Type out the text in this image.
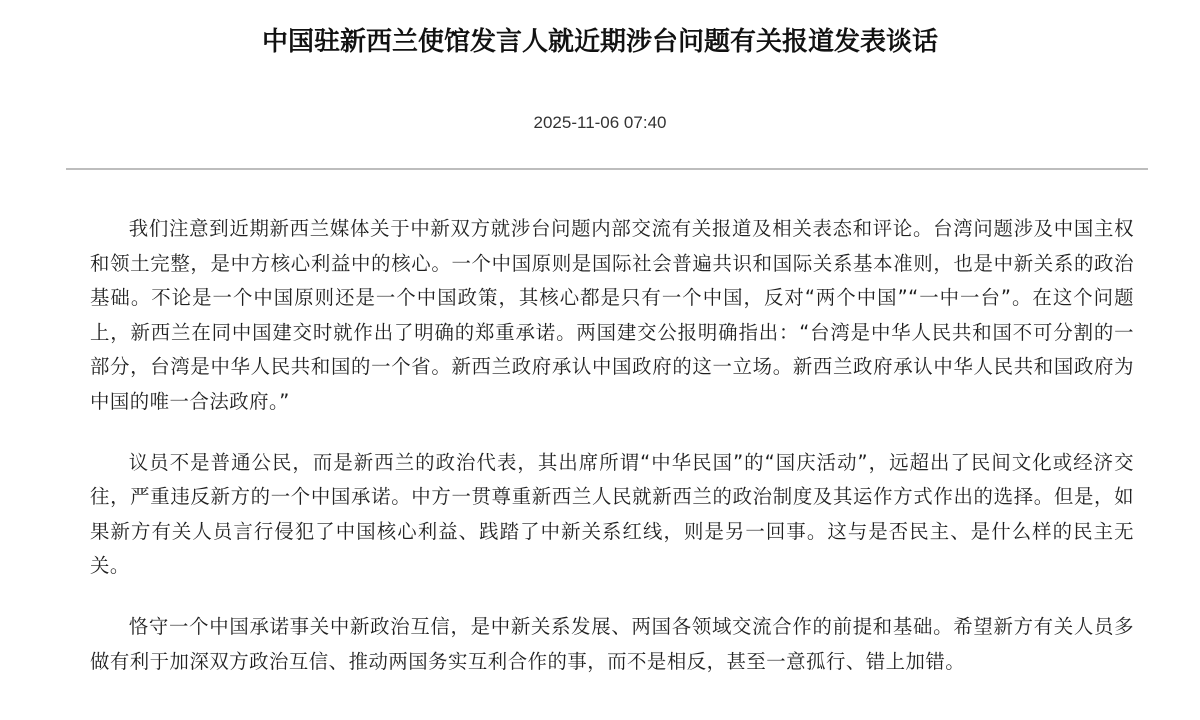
中国驻新西兰使馆发言人就近期涉台问题有关报道发表谈话
2025-11-06 07:40

我们注意到近期新西兰媒体关于中新双方就涉台问题内部交流有关报道及相关表态和评论。台湾问题涉及中国主权和领土完整，是中方核心利益中的核心。一个中国原则是国际社会普遍共识和国际关系基本准则，也是中新关系的政治基础。不论是一个中国原则还是一个中国政策，其核心都是只有一个中国，反对“两个中国”“一中一台”。在这个问题上，新西兰在同中国建交时就作出了明确的郑重承诺。两国建交公报明确指出：“台湾是中华人民共和国不可分割的一部分，台湾是中华人民共和国的一个省。新西兰政府承认中国政府的这一立场。新西兰政府承认中华人民共和国政府为中国的唯一合法政府。”

议员不是普通公民，而是新西兰的政治代表，其出席所谓“中华民国”的“国庆活动”，远超出了民间文化或经济交往，严重违反新方的一个中国承诺。中方一贯尊重新西兰人民就新西兰的政治制度及其运作方式作出的选择。但是，如果新方有关人员言行侵犯了中国核心利益、践踏了中新关系红线，则是另一回事。这与是否民主、是什么样的民主无关。

恪守一个中国承诺事关中新政治互信，是中新关系发展、两国各领域交流合作的前提和基础。希望新方有关人员多做有利于加深双方政治互信、推动两国务实互利合作的事，而不是相反，甚至一意孤行、错上加错。
